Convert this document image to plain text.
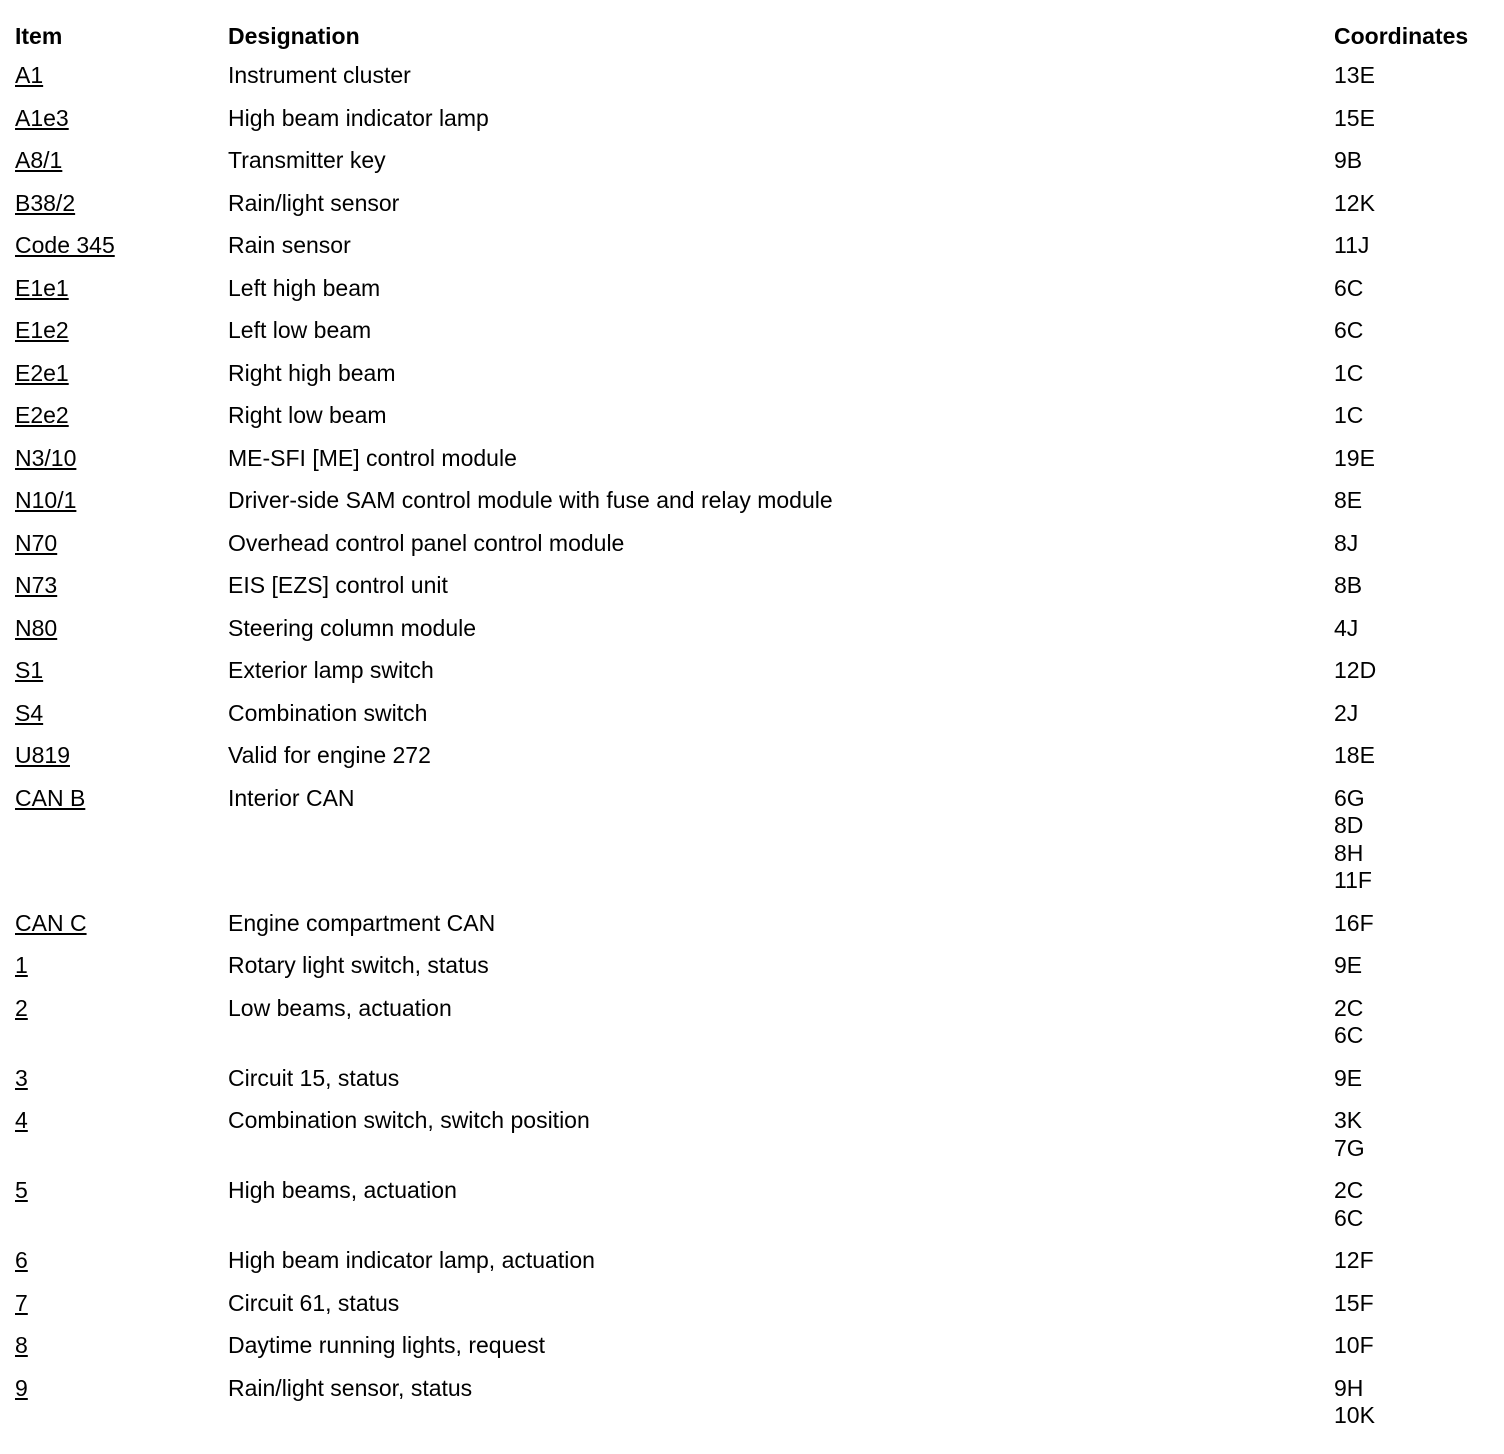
Item	Designation	Coordinates
A1	Instrument cluster	13E
A1e3	High beam indicator lamp	15E
A8/1	Transmitter key	9B
B38/2	Rain/light sensor	12K
Code 345	Rain sensor	11J
E1e1	Left high beam	6C
E1e2	Left low beam	6C
E2e1	Right high beam	1C
E2e2	Right low beam	1C
N3/10	ME-SFI [ME] control module	19E
N10/1	Driver-side SAM control module with fuse and relay module	8E
N70	Overhead control panel control module	8J
N73	EIS [EZS] control unit	8B
N80	Steering column module	4J
S1	Exterior lamp switch	12D
S4	Combination switch	2J
U819	Valid for engine 272	18E
CAN B	Interior CAN	6G
8D
8H
11F
CAN C	Engine compartment CAN	16F
1	Rotary light switch, status	9E
2	Low beams, actuation	2C
6C
3	Circuit 15, status	9E
4	Combination switch, switch position	3K
7G
5	High beams, actuation	2C
6C
6	High beam indicator lamp, actuation	12F
7	Circuit 61, status	15F
8	Daytime running lights, request	10F
9	Rain/light sensor, status	9H
10K
